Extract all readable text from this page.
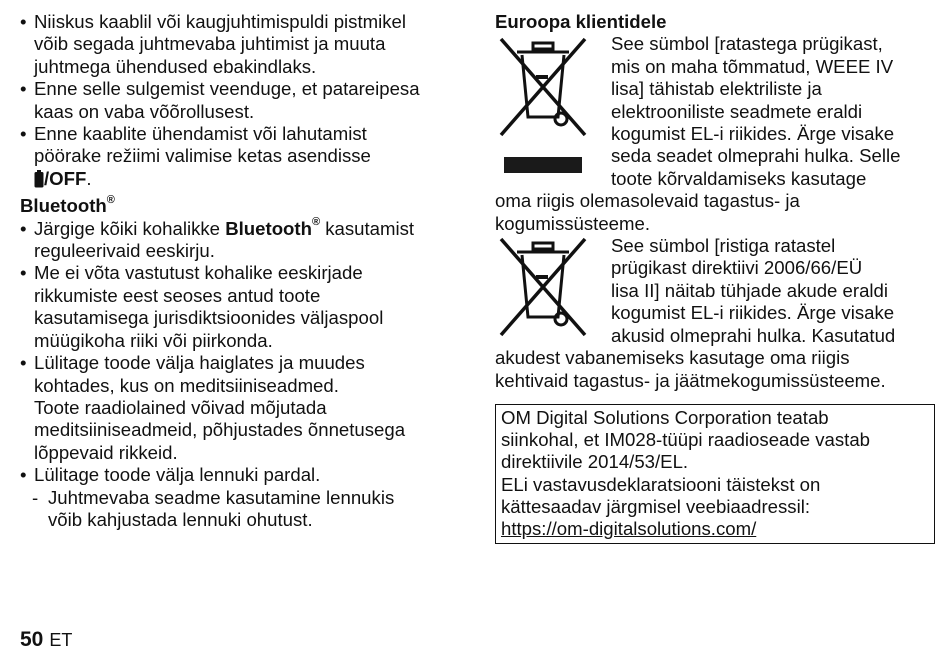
• Niiskus kaablil või kaugjuhtimispuldi pistmikel
võib segada juhtmevaba juhtimist ja muuta
juhtmega ühendused ebakindlaks.
• Enne selle sulgemist veenduge, et patareipesa
kaas on vaba võõrollusest.
• Enne kaablite ühendamist või lahutamist
pöörake režiimi valimise ketas asendisse
/OFF.
Bluetooth®
• Järgige kõiki kohalikke Bluetooth® kasutamist
reguleerivaid eeskirju.
• Me ei võta vastutust kohalike eeskirjade
rikkumiste eest seoses antud toote
kasutamisega jurisdiktsioonides väljaspool
müügikoha riiki või piirkonda.
• Lülitage toode välja haiglates ja muudes
kohtades, kus on meditsiiniseadmed.
Toote raadiolained võivad mõjutada
meditsiiniseadmeid, põhjustades õnnetusega
lõppevaid rikkeid.
• Lülitage toode välja lennuki pardal.
- Juhtmevaba seadme kasutamine lennukis
võib kahjustada lennuki ohutust.
Euroopa klientidele
See sümbol [ratastega prügikast,
mis on maha tõmmatud, WEEE IV
lisa] tähistab elektriliste ja
elektrooniliste seadmete eraldi
kogumist EL-i riikides. Ärge visake
seda seadet olmeprahi hulka. Selle
toote kõrvaldamiseks kasutage
oma riigis olemasolevaid tagastus- ja
kogumissüsteeme.
See sümbol [ristiga ratastel
prügikast direktiivi 2006/66/EÜ
lisa II] näitab tühjade akude eraldi
kogumist EL-i riikides. Ärge visake
akusid olmeprahi hulka. Kasutatud
akudest vabanemiseks kasutage oma riigis
kehtivaid tagastus- ja jäätmekogumissüsteeme.
OM Digital Solutions Corporation teatab
siinkohal, et IM028-tüüpi raadioseade vastab
direktiivile 2014/53/EL.
ELi vastavusdeklaratsiooni täistekst on
kättesaadav järgmisel veebiaadressil:
https://om-digitalsolutions.com/
50 ET
